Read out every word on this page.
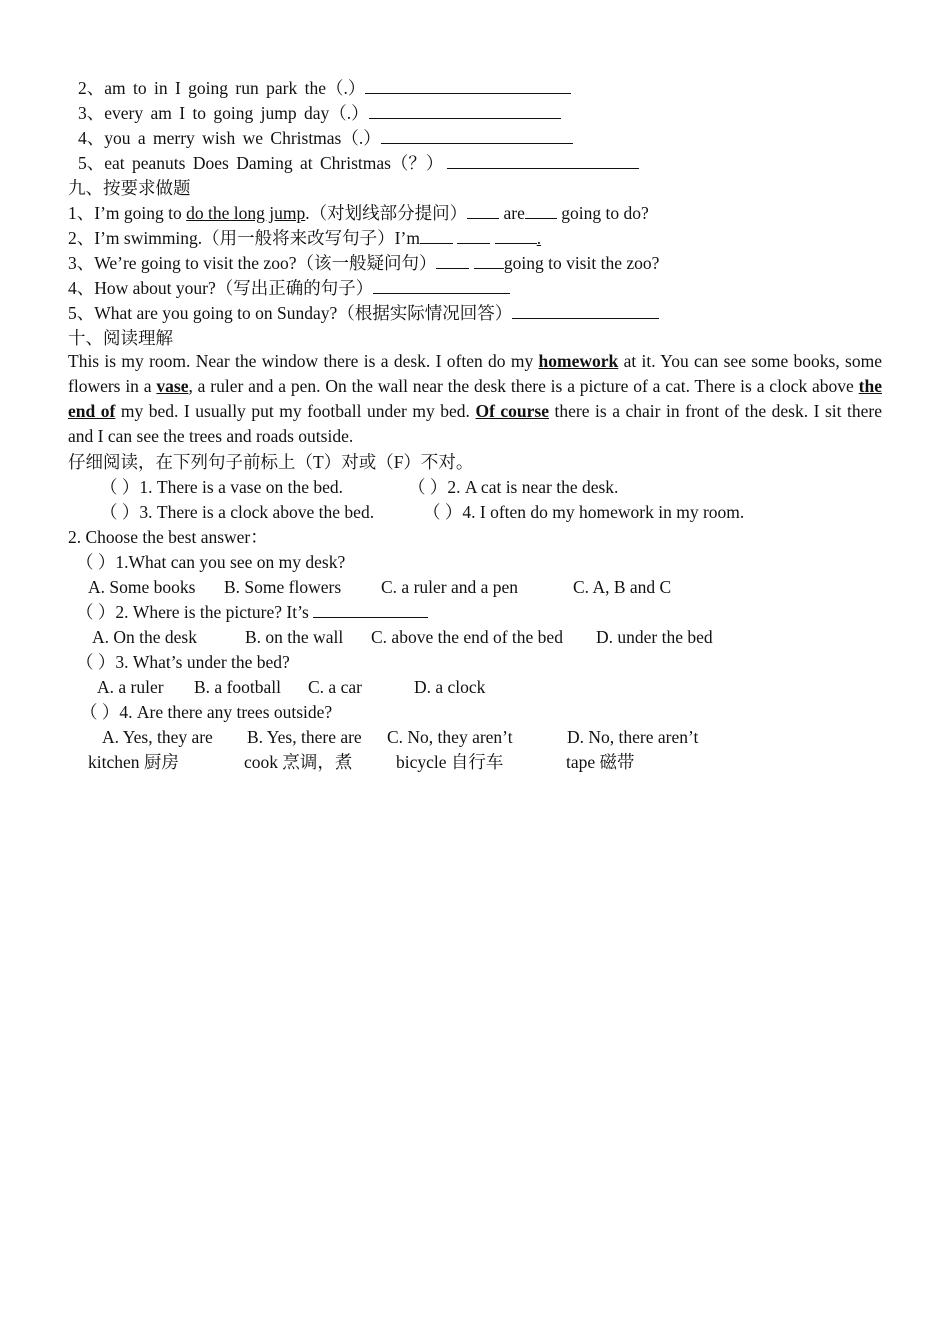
2、am to in I going run park the（.）
3、every am I to going jump day（.）
4、you a merry wish we Christmas（.）
5、eat peanuts Does Daming at Christmas（？）
九、按要求做题
1、I’m going to do the long jump.（对划线部分提问） are going to do?
2、I’m swimming.（用一般将来改写句子）I’m	.
3、We’re going to visit the zoo?（该一般疑问句）	going to visit the zoo?
4、How about your?（写出正确的句子）
5、What are you going to on Sunday?（根据实际情况回答）
十、阅读理解
This is my room. Near the window there is a desk. I often do my homework at it. You can see some books, some flowers in a vase, a ruler and a pen. On the wall near the desk there is a picture of a cat. There is a clock above the end of my bed. I usually put my football under my bed. Of course there is a chair in front of the desk. I sit there and I can see the trees and roads outside.
仔细阅读，在下列句子前标上（T）对或（F）不对。
（ ）1. There is a vase on the bed.	（ ）2. A cat is near the desk.
（ ）3. There is a clock above the bed.	（ ）4. I often do my homework in my room.
2. Choose the best answer：
（ ）1.What can you see on my desk?
A. Some books B. Some flowers C. a ruler and a pen	C. A, B and C
（ ）2. Where is the picture? It’s
A. On the desk	B. on the wall C. above the end of the bed D. under the bed
（ ）3. What’s under the bed?
A. a ruler B. a football C. a car	D. a clock
（ ）4. Are there any trees outside?
A. Yes, they are B. Yes, there are C. No, they aren’t	D. No, there aren’t
kitchen 厨房	cook 烹调，煮 bicycle 自行车	tape 磁带
